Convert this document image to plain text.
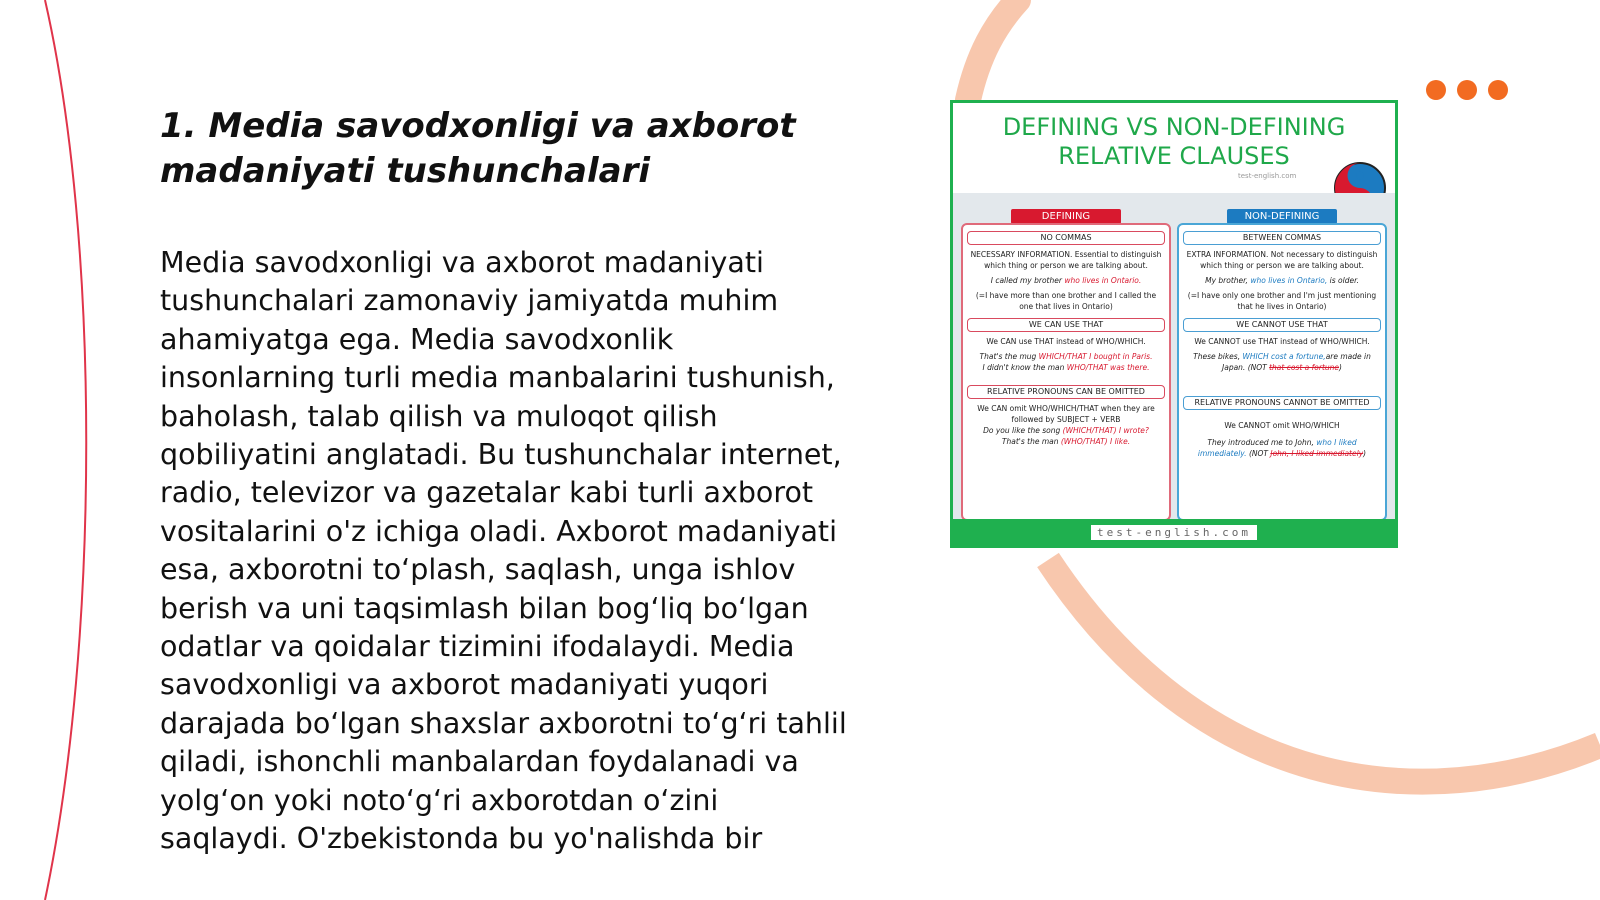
1. Media savodxonligi va axborot madaniyati tushunchalari

Media savodxonligi va axborot madaniyati tushunchalari zamonaviy jamiyatda muhim ahamiyatga ega. Media savodxonlik insonlarning turli media manbalarini tushunish, baholash, talab qilish va muloqot qilish qobiliyatini anglatadi. Bu tushunchalar internet, radio, televizor va gazetalar kabi turli axborot vositalarini o'z ichiga oladi. Axborot madaniyati esa, axborotni to‘plash, saqlash, unga ishlov berish va uni taqsimlash bilan bog‘liq bo‘lgan odatlar va qoidalar tizimini ifodalaydi. Media savodxonligi va axborot madaniyati yuqori darajada bo‘lgan shaxslar axborotni to‘g‘ri tahlil qiladi, ishonchli manbalardan foydalanadi va yolg‘on yoki noto‘g‘ri axborotdan o‘zini saqlaydi. O'zbekistonda bu yo'nalishda bir

DEFINING VS NON-DEFINING
RELATIVE CLAUSES
test-english.com
DEFINING	NON-DEFINING
NO COMMAS
NECESSARY INFORMATION. Essential to distinguish which thing or person we are talking about.
I called my brother who lives in Ontario.
(=I have more than one brother and I called the one that lives in Ontario)
WE CAN USE THAT
We CAN use THAT instead of WHO/WHICH.
That's the mug WHICH/THAT I bought in Paris.
I didn't know the man WHO/THAT was there.
RELATIVE PRONOUNS CAN BE OMITTED
We CAN omit WHO/WHICH/THAT when they are followed by SUBJECT + VERB
Do you like the song (WHICH/THAT) I wrote?
That's the man (WHO/THAT) I like.
BETWEEN COMMAS
EXTRA INFORMATION. Not necessary to distinguish which thing or person we are talking about.
My brother, who lives in Ontario, is older.
(=I have only one brother and I'm just mentioning that he lives in Ontario)
WE CANNOT USE THAT
We CANNOT use THAT instead of WHO/WHICH.
These bikes, WHICH cost a fortune,are made in Japan. (NOT that cost a fortune)
RELATIVE PRONOUNS CANNOT BE OMITTED
We CANNOT omit WHO/WHICH
They introduced me to John, who I liked immediately. (NOT John, I liked immediately)
test-english.com
